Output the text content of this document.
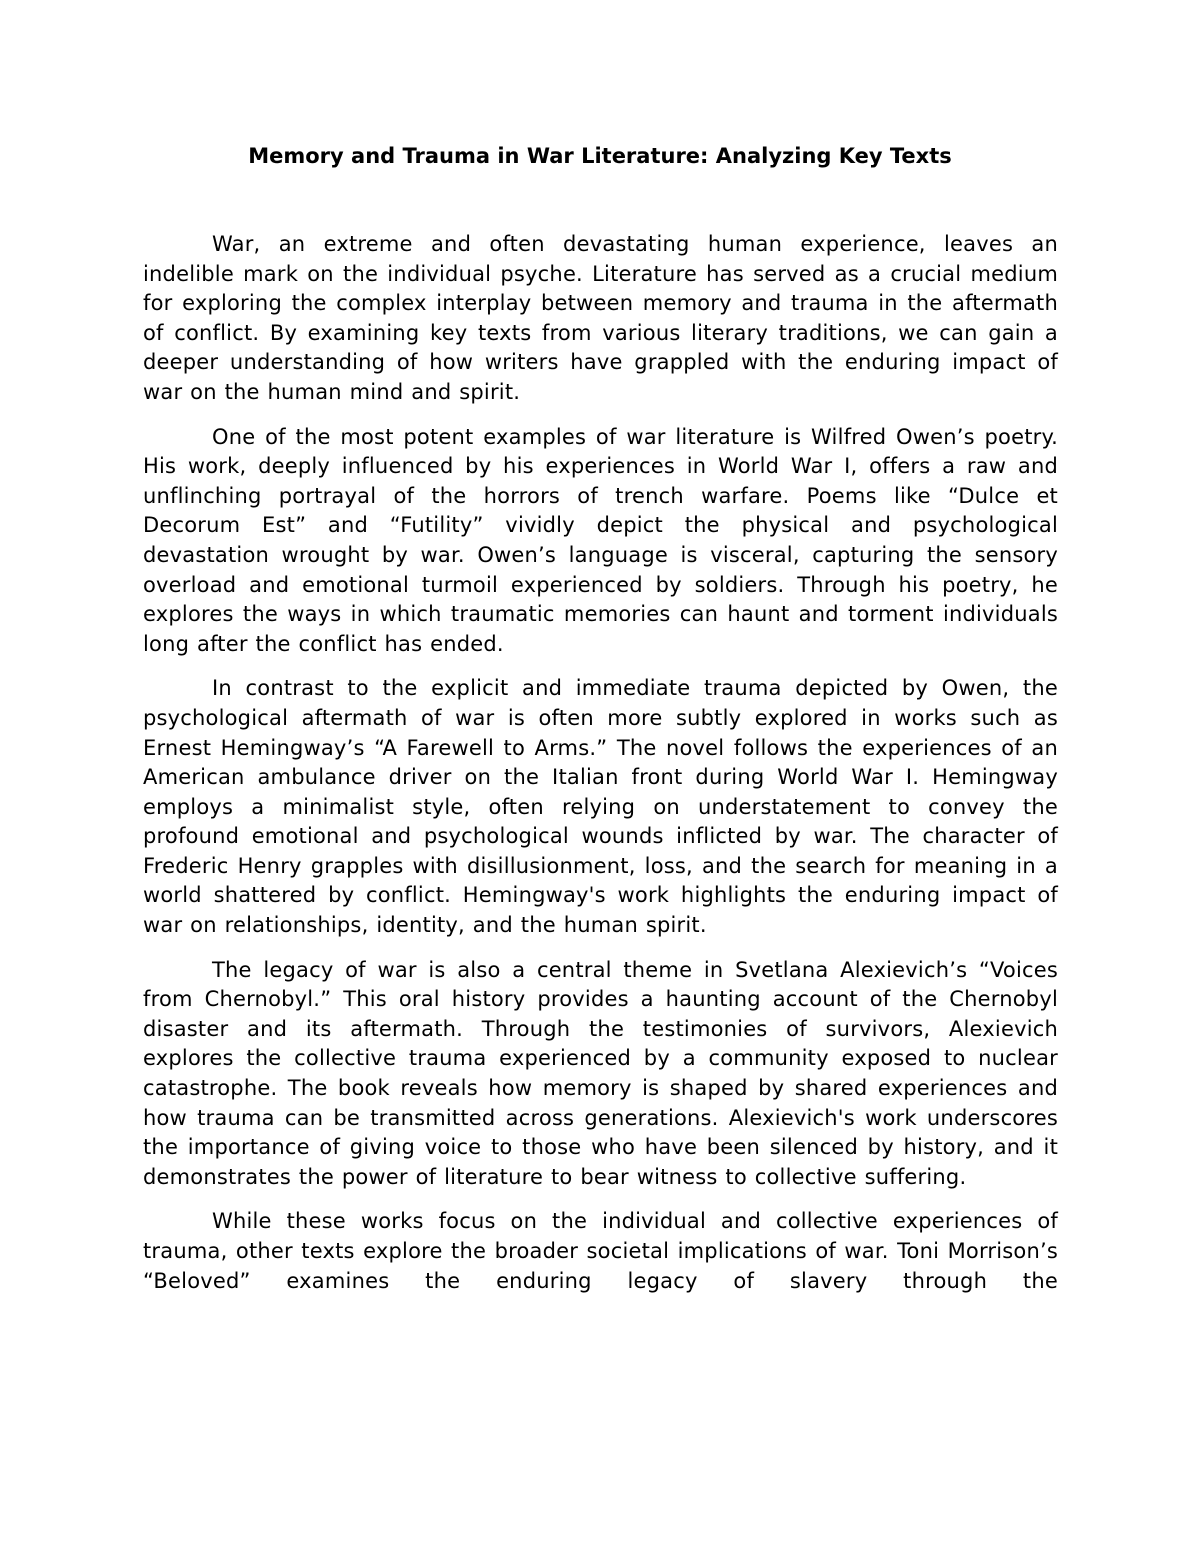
Memory and Trauma in War Literature: Analyzing Key Texts

War, an extreme and often devastating human experience, leaves an indelible mark on the individual psyche. Literature has served as a crucial medium for exploring the complex interplay between memory and trauma in the aftermath of conflict. By examining key texts from various literary traditions, we can gain a deeper understanding of how writers have grappled with the enduring impact of war on the human mind and spirit.

One of the most potent examples of war literature is Wilfred Owen’s poetry. His work, deeply influenced by his experiences in World War I, offers a raw and unflinching portrayal of the horrors of trench warfare. Poems like “Dulce et Decorum Est” and “Futility” vividly depict the physical and psychological devastation wrought by war. Owen’s language is visceral, capturing the sensory overload and emotional turmoil experienced by soldiers. Through his poetry, he explores the ways in which traumatic memories can haunt and torment individuals long after the conflict has ended.

In contrast to the explicit and immediate trauma depicted by Owen, the psychological aftermath of war is often more subtly explored in works such as Ernest Hemingway’s “A Farewell to Arms.” The novel follows the experiences of an American ambulance driver on the Italian front during World War I. Hemingway employs a minimalist style, often relying on understatement to convey the profound emotional and psychological wounds inflicted by war. The character of Frederic Henry grapples with disillusionment, loss, and the search for meaning in a world shattered by conflict. Hemingway's work highlights the enduring impact of war on relationships, identity, and the human spirit.

The legacy of war is also a central theme in Svetlana Alexievich’s “Voices from Chernobyl.” This oral history provides a haunting account of the Chernobyl disaster and its aftermath. Through the testimonies of survivors, Alexievich explores the collective trauma experienced by a community exposed to nuclear catastrophe. The book reveals how memory is shaped by shared experiences and how trauma can be transmitted across generations. Alexievich's work underscores the importance of giving voice to those who have been silenced by history, and it demonstrates the power of literature to bear witness to collective suffering.

While these works focus on the individual and collective experiences of trauma, other texts explore the broader societal implications of war. Toni Morrison’s “Beloved” examines the enduring legacy of slavery through the
